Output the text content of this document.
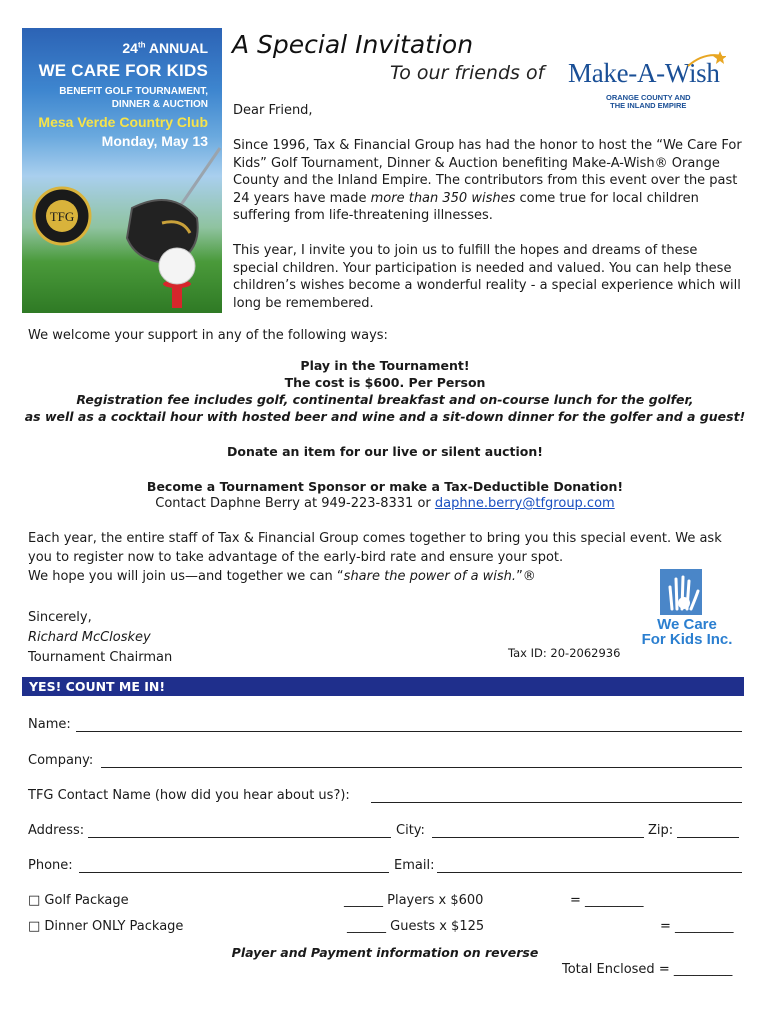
TFG
24th ANNUAL
WE CARE FOR KIDS
BENEFIT GOLF TOURNAMENT,
DINNER & AUCTION
Mesa Verde Country Club
Monday, May 13
A Special Invitation
To our friends of Make-A-Wish
ORANGE COUNTY AND
THE INLAND EMPIRE
Dear Friend,
Since 1996, Tax & Financial Group has had the honor to host the “We Care For Kids” Golf Tournament, Dinner & Auction benefiting Make-A-Wish® Orange County and the Inland Empire. The contributors from this event over the past 24 years have made more than 350 wishes come true for local children suffering from life-threatening illnesses.
This year, I invite you to join us to fulfill the hopes and dreams of these special children. Your participation is needed and valued. You can help these children’s wishes become a wonderful reality - a special experience which will long be remembered.
We welcome your support in any of the following ways:
Play in the Tournament!
The cost is $600. Per Person
Registration fee includes golf, continental breakfast and on-course lunch for the golfer,
as well as a cocktail hour with hosted beer and wine and a sit-down dinner for the golfer and a guest!
Donate an item for our live or silent auction!
Become a Tournament Sponsor or make a Tax-Deductible Donation!
Contact Daphne Berry at 949-223-8331 or daphne.berry@tfgroup.com
Each year, the entire staff of Tax & Financial Group comes together to bring you this special event. We ask
you to register now to take advantage of the early-bird rate and ensure your spot.
We hope you will join us—and together we can “share the power of a wish.”®
Sincerely,
Richard McCloskey
Tournament Chairman	Tax ID: 20-2062936
We Care
For Kids Inc.
YES! COUNT ME IN!
Name:
Company:
TFG Contact Name (how did you hear about us?):
Address:	City:	Zip:
Phone:	Email:
□ Golf Package	______ Players x $600	= _________
□ Dinner ONLY Package	______ Guests x $125	= _________
Player and Payment information on reverse
Total Enclosed = _________
